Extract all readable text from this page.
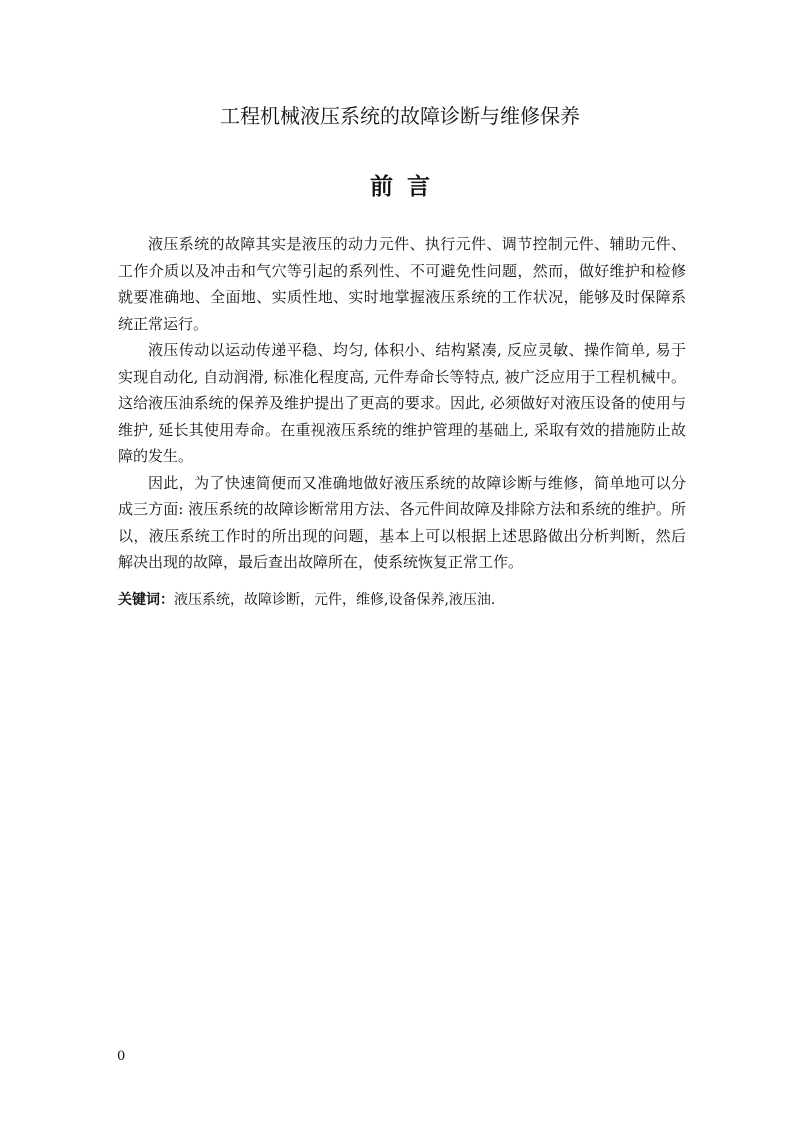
工程机械液压系统的故障诊断与维修保养
前言

液压系统的故障其实是液压的动力元件、执行元件、调节控制元件、辅助元件、工作介质以及冲击和气穴等引起的系列性、不可避免性问题，然而，做好维护和检修就要准确地、全面地、实质性地、实时地掌握液压系统的工作状况，能够及时保障系统正常运行。

液压传动以运动传递平稳、均匀, 体积小、结构紧凑, 反应灵敏、操作简单, 易于实现自动化, 自动润滑, 标准化程度高, 元件寿命长等特点, 被广泛应用于工程机械中。这给液压油系统的保养及维护提出了更高的要求。因此, 必须做好对液压设备的使用与维护, 延长其使用寿命。在重视液压系统的维护管理的基础上, 采取有效的措施防止故障的发生。

因此，为了快速简便而又准确地做好液压系统的故障诊断与维修，简单地可以分成三方面: 液压系统的故障诊断常用方法、各元件间故障及排除方法和系统的维护。所以，液压系统工作时的所出现的问题，基本上可以根据上述思路做出分析判断，然后解决出现的故障，最后查出故障所在，使系统恢复正常工作。

关键词：液压系统，故障诊断，元件，维修,设备保养,液压油.

0
